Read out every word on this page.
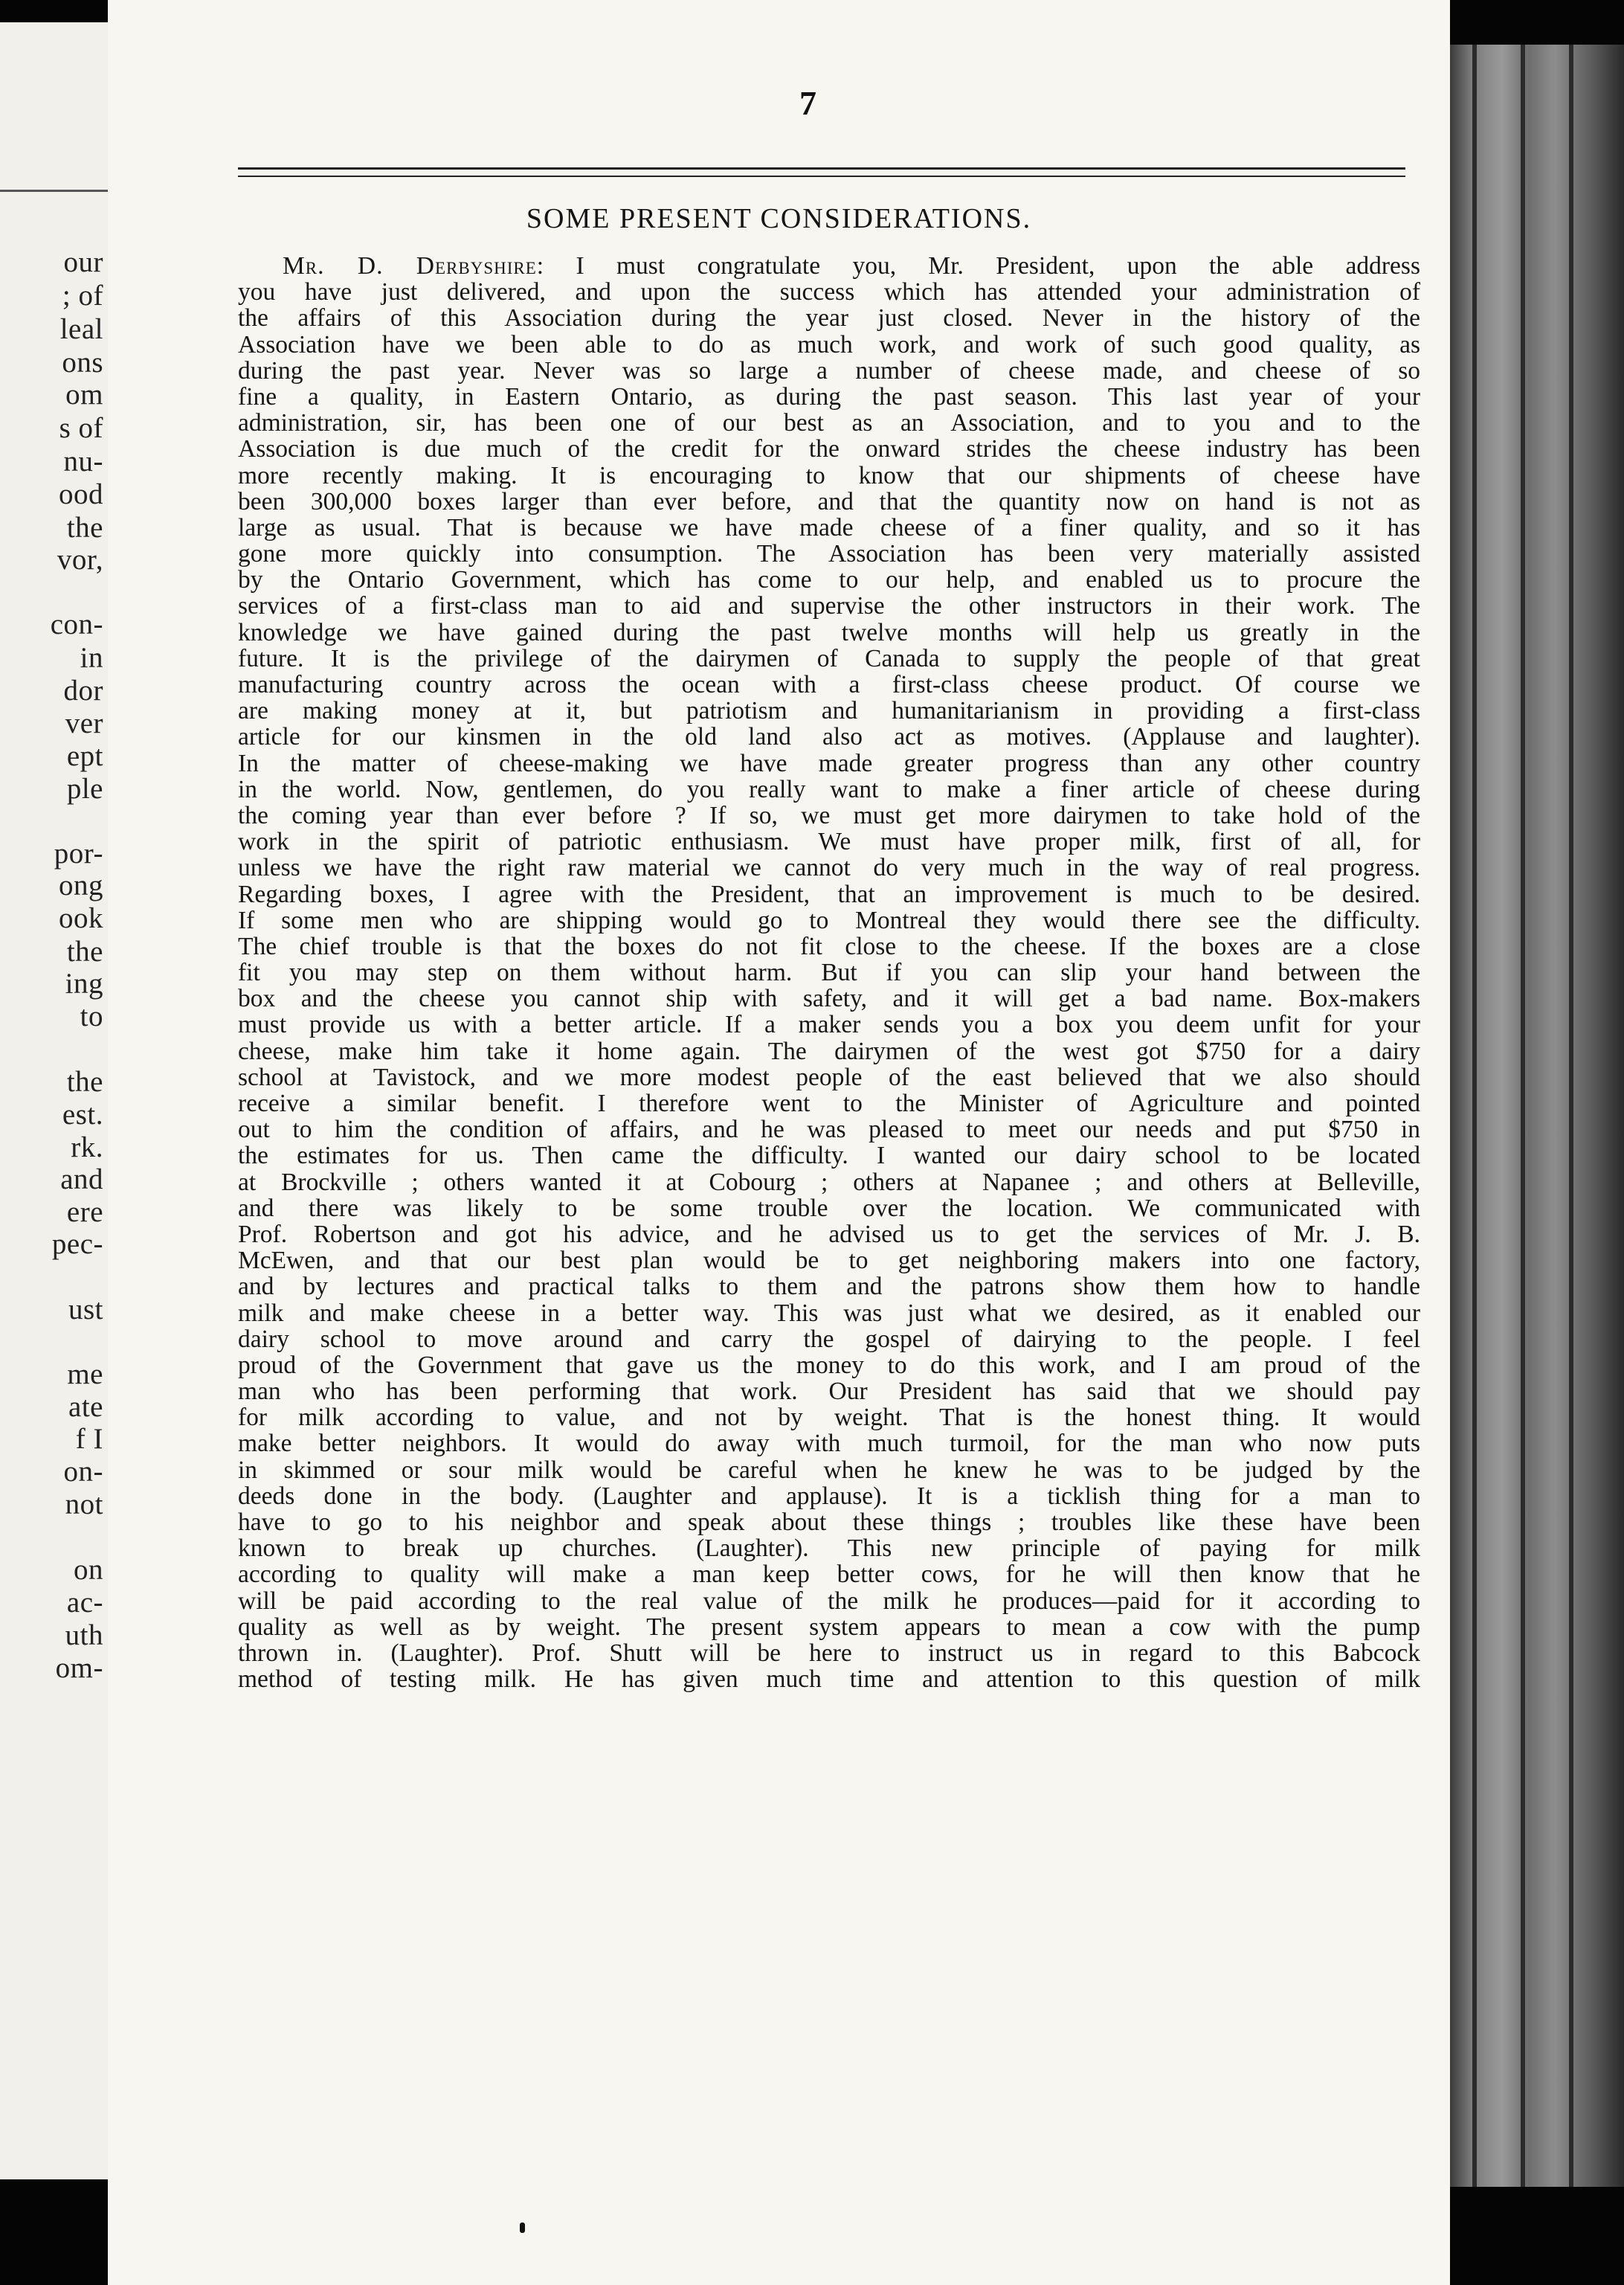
our
; of
leal
ons
om
s of
nu-
ood
the
vor,
con-
in
dor
ver
ept
ple
por-
ong
ook
the
ing
to
the
est.
rk.
and
ere
pec-
ust
me
ate
f I
on-
not
on
ac-
uth
om-
7
SOME PRESENT CONSIDERATIONS.
Mr. D. Derbyshire: I must congratulate you, Mr. President, upon the able address
you have just delivered, and upon the success which has attended your administration of
the affairs of this Association during the year just closed. Never in the history of the
Association have we been able to do as much work, and work of such good quality, as
during the past year. Never was so large a number of cheese made, and cheese of so
fine a quality, in Eastern Ontario, as during the past season. This last year of your
administration, sir, has been one of our best as an Association, and to you and to the
Association is due much of the credit for the onward strides the cheese industry has been
more recently making. It is encouraging to know that our shipments of cheese have
been 300,000 boxes larger than ever before, and that the quantity now on hand is not as
large as usual. That is because we have made cheese of a finer quality, and so it has
gone more quickly into consumption. The Association has been very materially assisted
by the Ontario Government, which has come to our help, and enabled us to procure the
services of a first-class man to aid and supervise the other instructors in their work. The
knowledge we have gained during the past twelve months will help us greatly in the
future. It is the privilege of the dairymen of Canada to supply the people of that great
manufacturing country across the ocean with a first-class cheese product. Of course we
are making money at it, but patriotism and humanitarianism in providing a first-class
article for our kinsmen in the old land also act as motives. (Applause and laughter).
In the matter of cheese-making we have made greater progress than any other country
in the world. Now, gentlemen, do you really want to make a finer article of cheese during
the coming year than ever before ? If so, we must get more dairymen to take hold of the
work in the spirit of patriotic enthusiasm. We must have proper milk, first of all, for
unless we have the right raw material we cannot do very much in the way of real progress.
Regarding boxes, I agree with the President, that an improvement is much to be desired.
If some men who are shipping would go to Montreal they would there see the difficulty.
The chief trouble is that the boxes do not fit close to the cheese. If the boxes are a close
fit you may step on them without harm. But if you can slip your hand between the
box and the cheese you cannot ship with safety, and it will get a bad name. Box-makers
must provide us with a better article. If a maker sends you a box you deem unfit for your
cheese, make him take it home again. The dairymen of the west got $750 for a dairy
school at Tavistock, and we more modest people of the east believed that we also should
receive a similar benefit. I therefore went to the Minister of Agriculture and pointed
out to him the condition of affairs, and he was pleased to meet our needs and put $750 in
the estimates for us. Then came the difficulty. I wanted our dairy school to be located
at Brockville ; others wanted it at Cobourg ; others at Napanee ; and others at Belleville,
and there was likely to be some trouble over the location. We communicated with
Prof. Robertson and got his advice, and he advised us to get the services of Mr. J. B.
McEwen, and that our best plan would be to get neighboring makers into one factory,
and by lectures and practical talks to them and the patrons show them how to handle
milk and make cheese in a better way. This was just what we desired, as it enabled our
dairy school to move around and carry the gospel of dairying to the people. I feel
proud of the Government that gave us the money to do this work, and I am proud of the
man who has been performing that work. Our President has said that we should pay
for milk according to value, and not by weight. That is the honest thing. It would
make better neighbors. It would do away with much turmoil, for the man who now puts
in skimmed or sour milk would be careful when he knew he was to be judged by the
deeds done in the body. (Laughter and applause). It is a ticklish thing for a man to
have to go to his neighbor and speak about these things ; troubles like these have been
known to break up churches. (Laughter). This new principle of paying for milk
according to quality will make a man keep better cows, for he will then know that he
will be paid according to the real value of the milk he produces—paid for it according to
quality as well as by weight. The present system appears to mean a cow with the pump
thrown in. (Laughter). Prof. Shutt will be here to instruct us in regard to this Babcock
method of testing milk. He has given much time and attention to this question of milk
